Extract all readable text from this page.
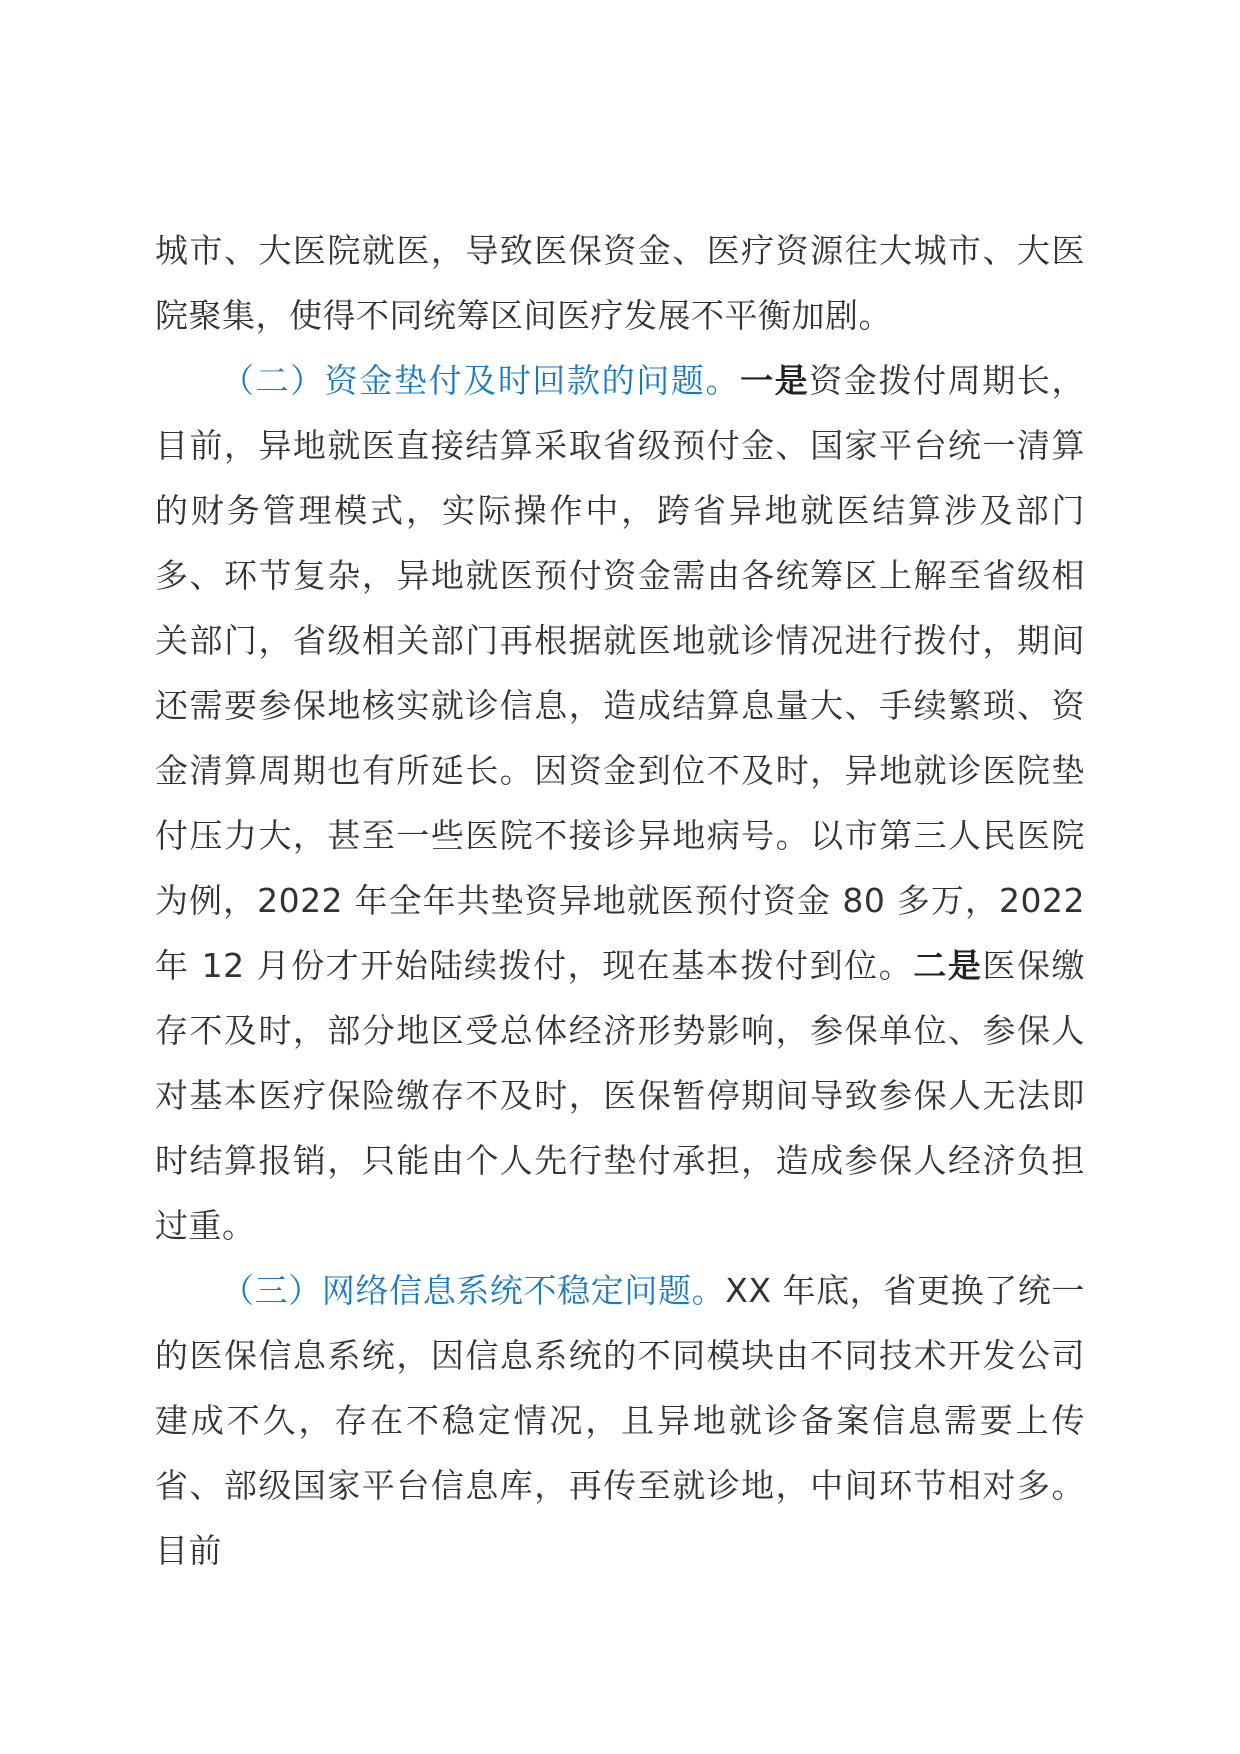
城市、大医院就医，导致医保资金、医疗资源往大城市、大医院聚集，使得不同统筹区间医疗发展不平衡加剧。

（二）资金垫付及时回款的问题。一是资金拨付周期长，目前，异地就医直接结算采取省级预付金、国家平台统一清算的财务管理模式，实际操作中，跨省异地就医结算涉及部门多、环节复杂，异地就医预付资金需由各统筹区上解至省级相关部门，省级相关部门再根据就医地就诊情况进行拨付，期间还需要参保地核实就诊信息，造成结算息量大、手续繁琐、资金清算周期也有所延长。因资金到位不及时，异地就诊医院垫付压力大，甚至一些医院不接诊异地病号。以市第三人民医院为例，2022 年全年共垫资异地就医预付资金 80 多万，2022 年 12 月份才开始陆续拨付，现在基本拨付到位。二是医保缴存不及时，部分地区受总体经济形势影响，参保单位、参保人对基本医疗保险缴存不及时，医保暂停期间导致参保人无法即时结算报销，只能由个人先行垫付承担，造成参保人经济负担过重。

（三）网络信息系统不稳定问题。XX 年底，省更换了统一的医保信息系统，因信息系统的不同模块由不同技术开发公司建成不久，存在不稳定情况，且异地就诊备案信息需要上传省、部级国家平台信息库，再传至就诊地，中间环节相对多。目前
